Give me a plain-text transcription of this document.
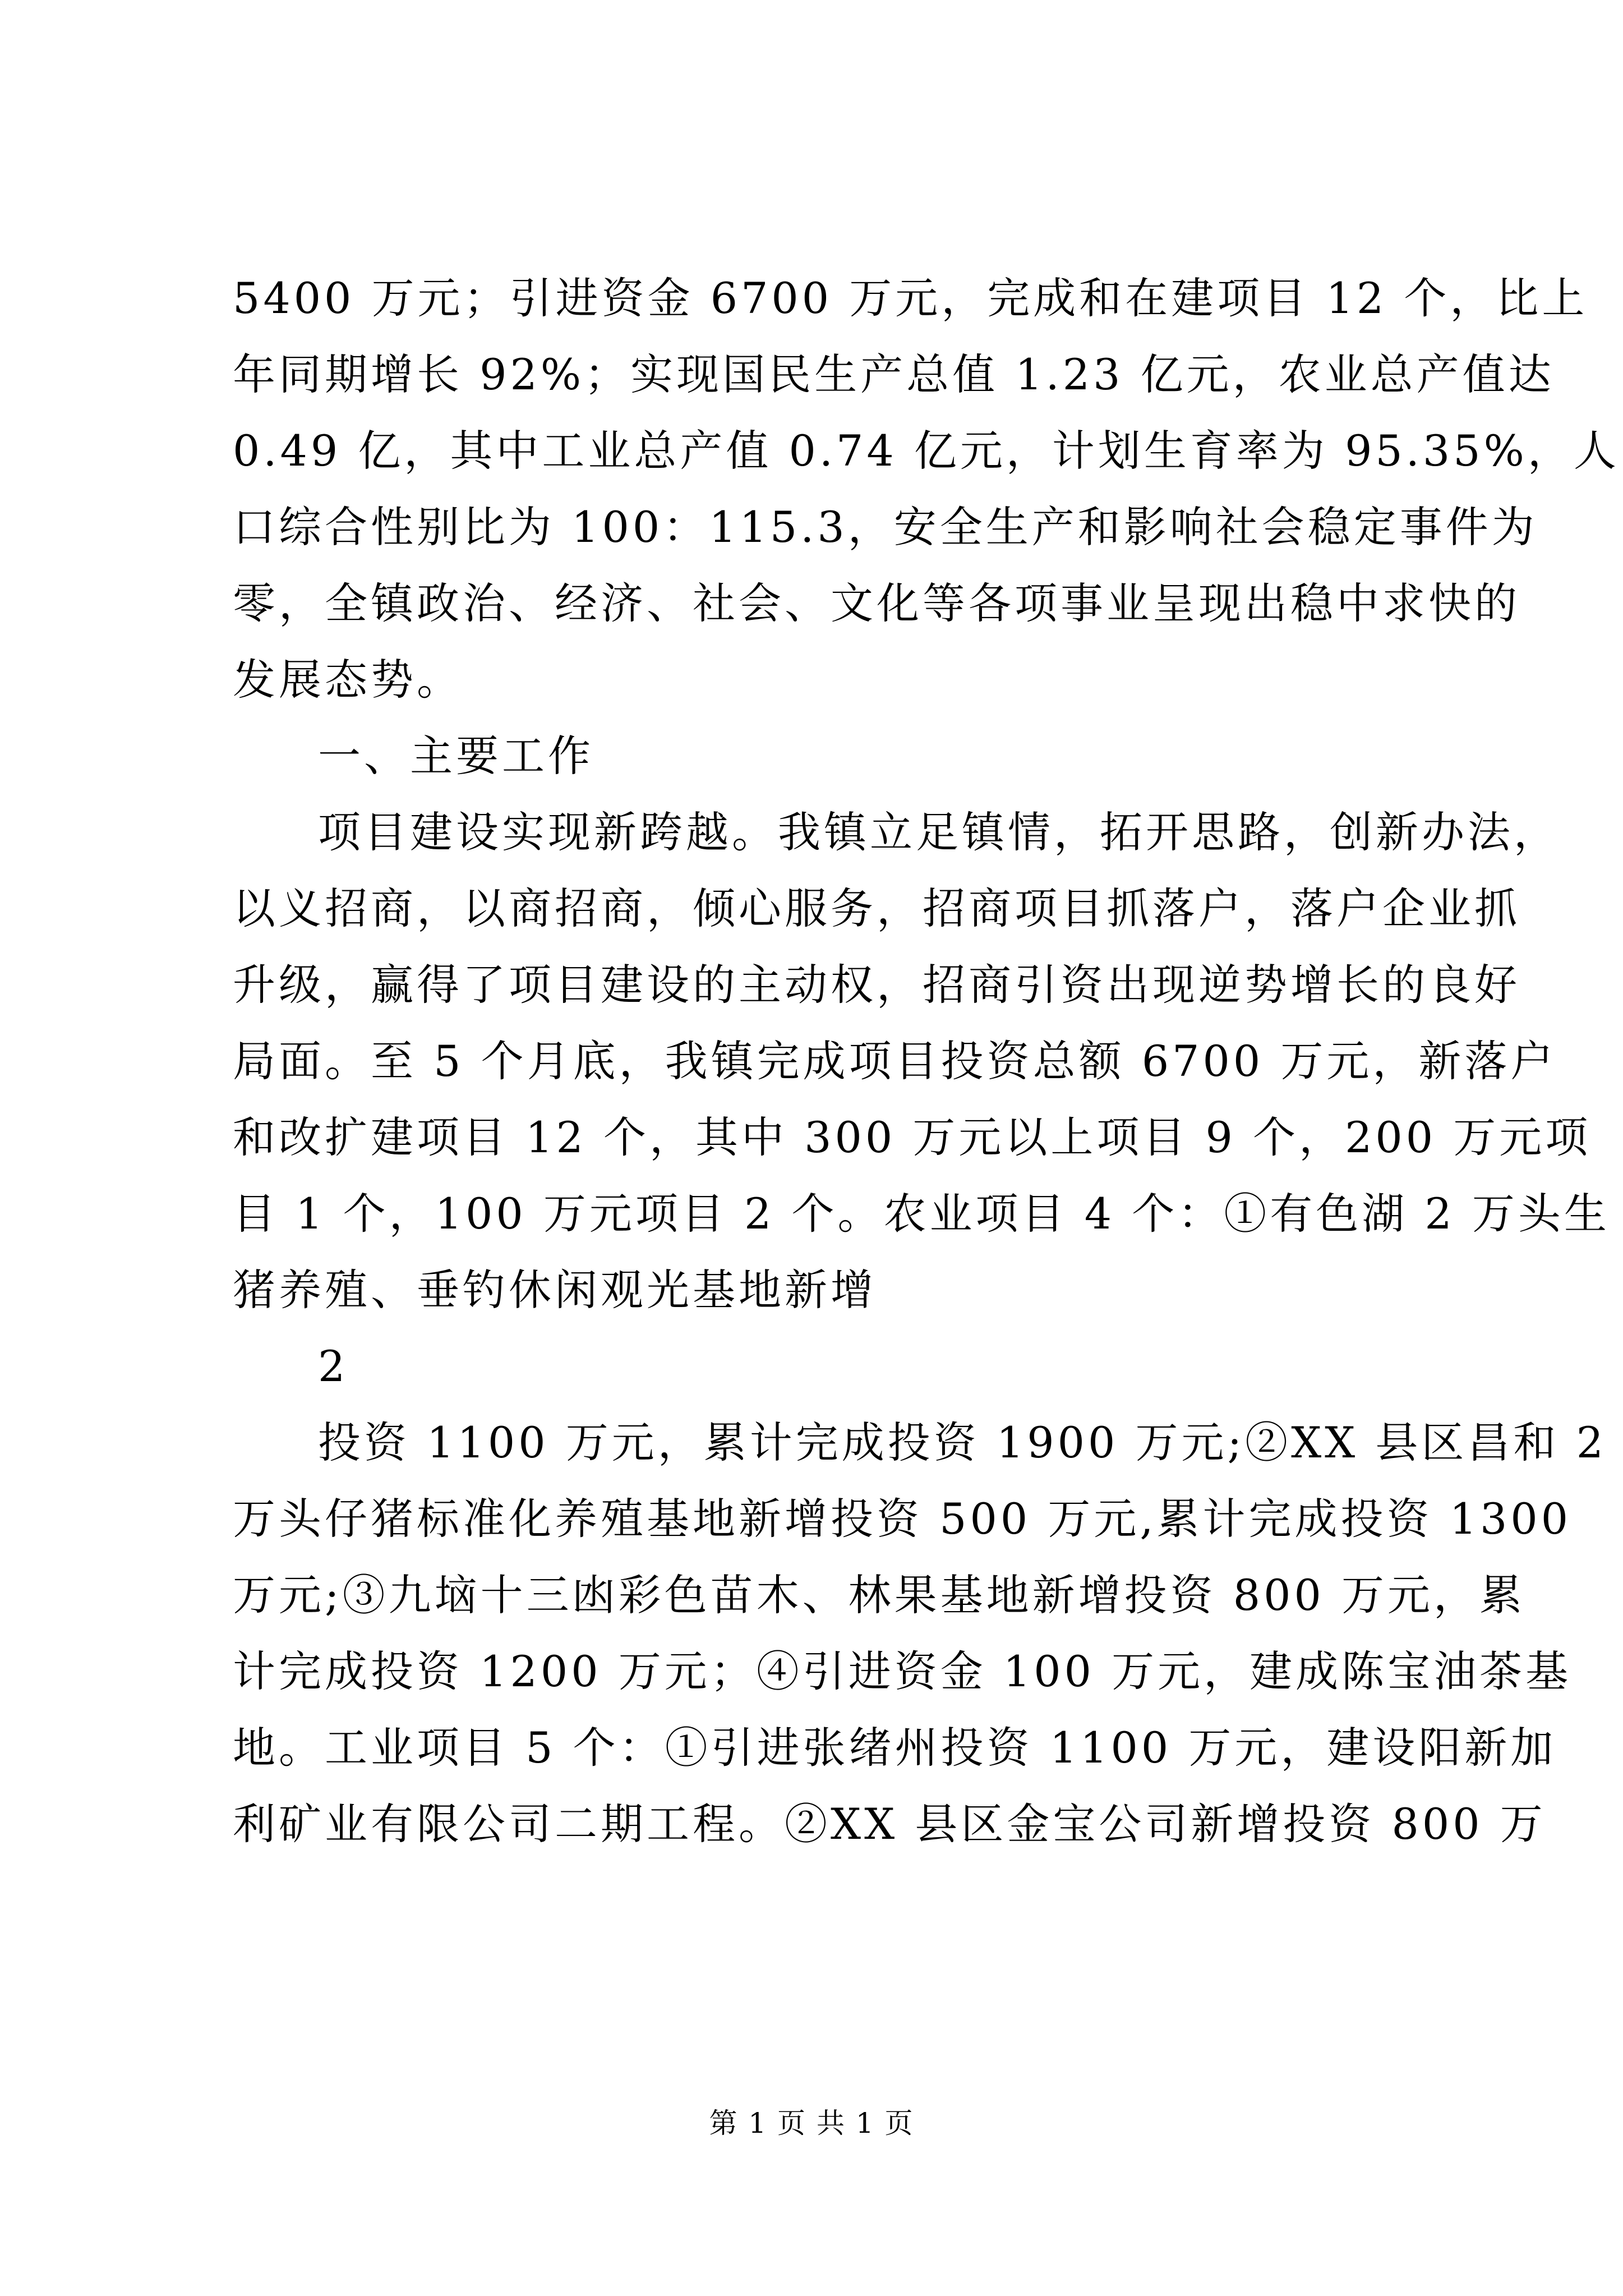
5400 万元；引进资金 6700 万元，完成和在建项目 12 个，比上
年同期增长 92%；实现国民生产总值 1.23 亿元，农业总产值达
0.49 亿，其中工业总产值 0.74 亿元，计划生育率为 95.35%，人
口综合性别比为 100：115.3，安全生产和影响社会稳定事件为
零，全镇政治、经济、社会、文化等各项事业呈现出稳中求快的
发展态势。
一、主要工作
项目建设实现新跨越。我镇立足镇情，拓开思路，创新办法，
以义招商，以商招商，倾心服务，招商项目抓落户，落户企业抓
升级，赢得了项目建设的主动权，招商引资出现逆势增长的良好
局面。至 5 个月底，我镇完成项目投资总额 6700 万元，新落户
和改扩建项目 12 个，其中 300 万元以上项目 9 个，200 万元项
目 1 个，100 万元项目 2 个。农业项目 4 个：①有色湖 2 万头生
猪养殖、垂钓休闲观光基地新增
2
投资 1100 万元，累计完成投资 1900 万元;②XX 县区昌和 2
万头仔猪标准化养殖基地新增投资 500 万元,累计完成投资 1300
万元;③九垴十三凼彩色苗木、林果基地新增投资 800 万元，累
计完成投资 1200 万元；④引进资金 100 万元，建成陈宝油茶基
地。工业项目 5 个：①引进张绪州投资 1100 万元，建设阳新加
利矿业有限公司二期工程。②XX 县区金宝公司新增投资 800 万
第 1 页 共 1 页
